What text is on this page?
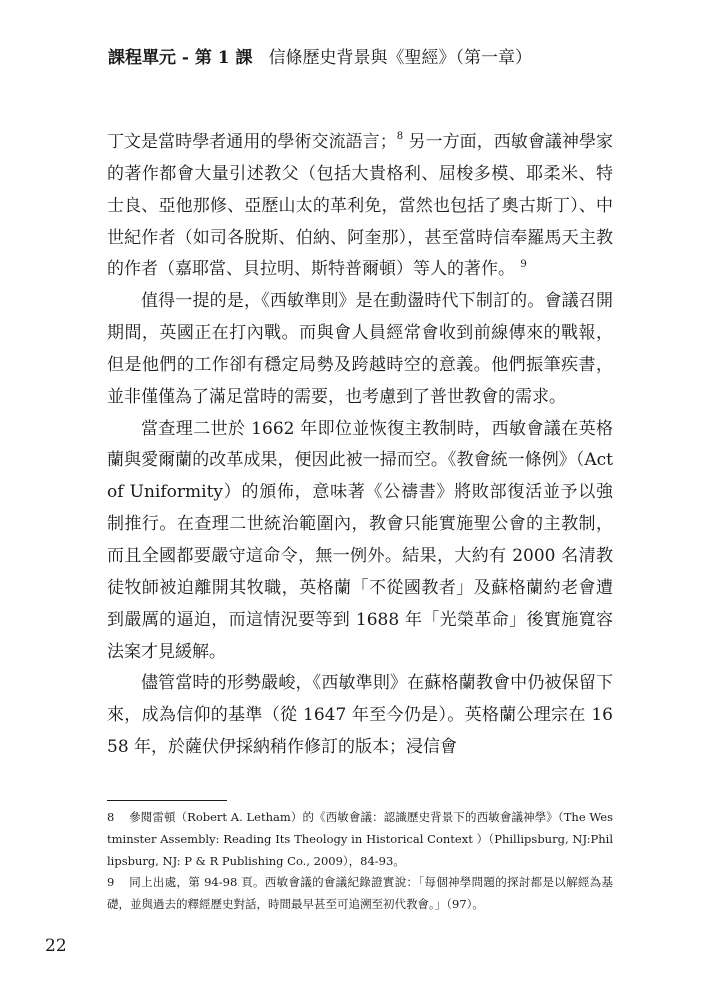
課程單元 - 第 1 課 信條歷史背景與《聖經》（第一章）

丁文是當時學者通用的學術交流語言；$^8$ 另一方面，西敏會議神學家的著作都會大量引述教父（包括大貴格利、屈梭多模、耶柔米、特士良、亞他那修、亞歷山太的革利免，當然也包括了奧古斯丁）、中世紀作者（如司各脫斯、伯納、阿奎那），甚至當時信奉羅馬天主教的作者（嘉耶當、貝拉明、斯特普爾頓）等人的著作。 $^9$

值得一提的是，《西敏準則》是在動盪時代下制訂的。會議召開期間，英國正在打內戰。而與會人員經常會收到前線傳來的戰報，但是他們的工作卻有穩定局勢及跨越時空的意義。他們振筆疾書，並非僅僅為了滿足當時的需要，也考慮到了普世教會的需求。

當查理二世於 1662 年即位並恢復主教制時，西敏會議在英格蘭與愛爾蘭的改革成果，便因此被一掃而空。《教會統一條例》（Act of Uniformity）的頒佈，意味著《公禱書》將敗部復活並予以強制推行。在查理二世統治範圍內，教會只能實施聖公會的主教制，而且全國都要嚴守這命令，無一例外。結果，大約有 2000 名清教徒牧師被迫離開其牧職，英格蘭「不從國教者」及蘇格蘭約老會遭到嚴厲的逼迫，而這情況要等到 1688 年「光榮革命」後實施寬容法案才見緩解。

儘管當時的形勢嚴峻，《西敏準則》在蘇格蘭教會中仍被保留下來，成為信仰的基準（從 1647 年至今仍是）。英格蘭公理宗在 1658 年，於薩伏伊採納稍作修訂的版本；浸信會

8 參閱雷頓（Robert A. Letham）的《西敏會議：認識歷史背景下的西敏會議神學》（The Westminster Assembly: Reading Its Theology in Historical Context ）（Phillipsburg, NJ:Phillipsburg, NJ: P & R Publishing Co., 2009），84-93。

9 同上出處，第 94-98 頁。西敏會議的會議紀錄證實說：「每個神學問題的探討都是以解經為基礎，並與過去的釋經歷史對話，時間最早甚至可追溯至初代教會。」（97）。

22
